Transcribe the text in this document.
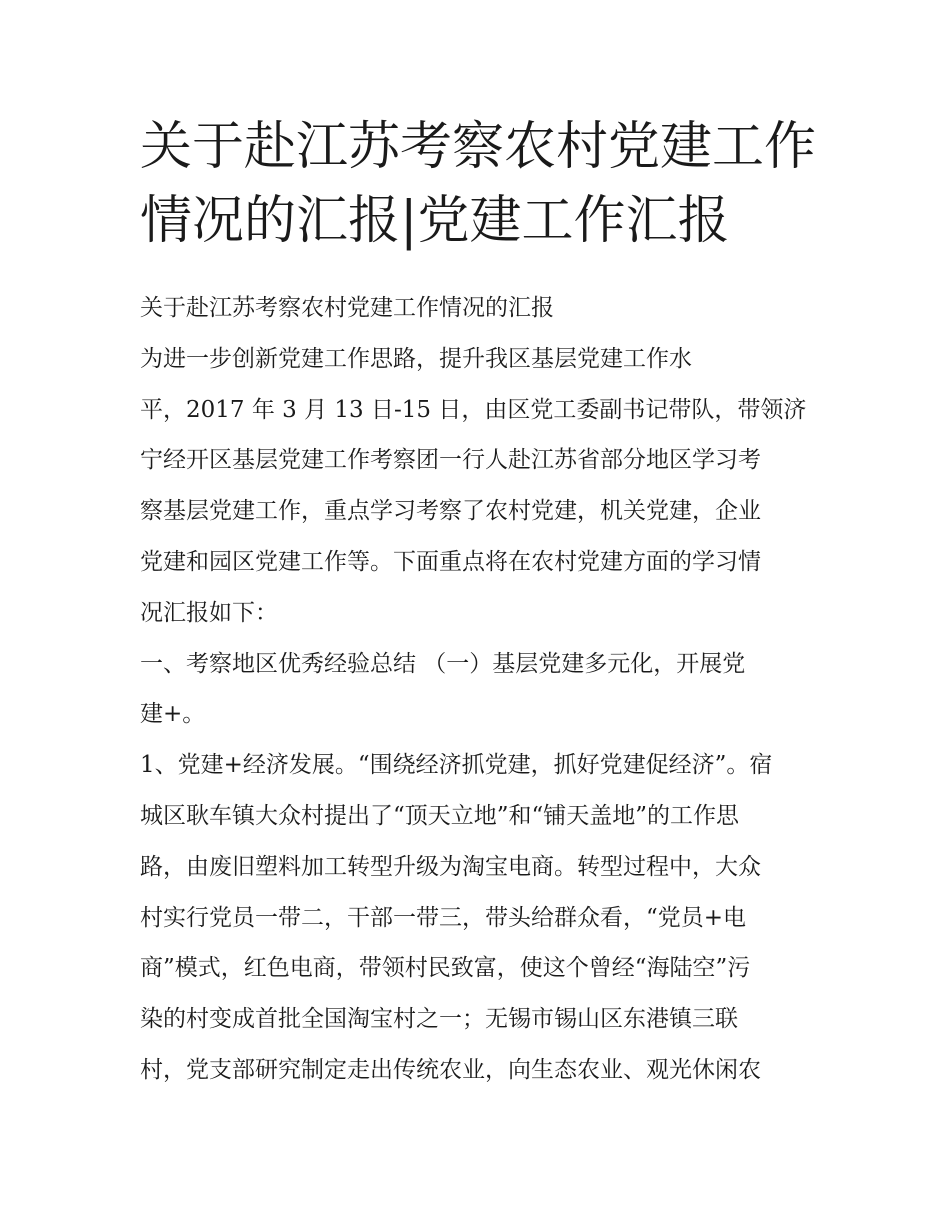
关于赴江苏考察农村党建工作
情况的汇报|党建工作汇报
关于赴江苏考察农村党建工作情况的汇报
为进一步创新党建工作思路，提升我区基层党建工作水
平，2017 年 3 月 13 日-15 日，由区党工委副书记带队，带领济
宁经开区基层党建工作考察团一行人赴江苏省部分地区学习考
察基层党建工作，重点学习考察了农村党建，机关党建，企业
党建和园区党建工作等。下面重点将在农村党建方面的学习情
况汇报如下：
一、考察地区优秀经验总结 （一）基层党建多元化，开展党
建+。
1、党建+经济发展。“围绕经济抓党建，抓好党建促经济”。宿
城区耿车镇大众村提出了“顶天立地”和“铺天盖地”的工作思
路，由废旧塑料加工转型升级为淘宝电商。转型过程中，大众
村实行党员一带二，干部一带三，带头给群众看，“党员+电
商”模式，红色电商，带领村民致富，使这个曾经“海陆空”污
染的村变成首批全国淘宝村之一；无锡市锡山区东港镇三联
村，党支部研究制定走出传统农业，向生态农业、观光休闲农
